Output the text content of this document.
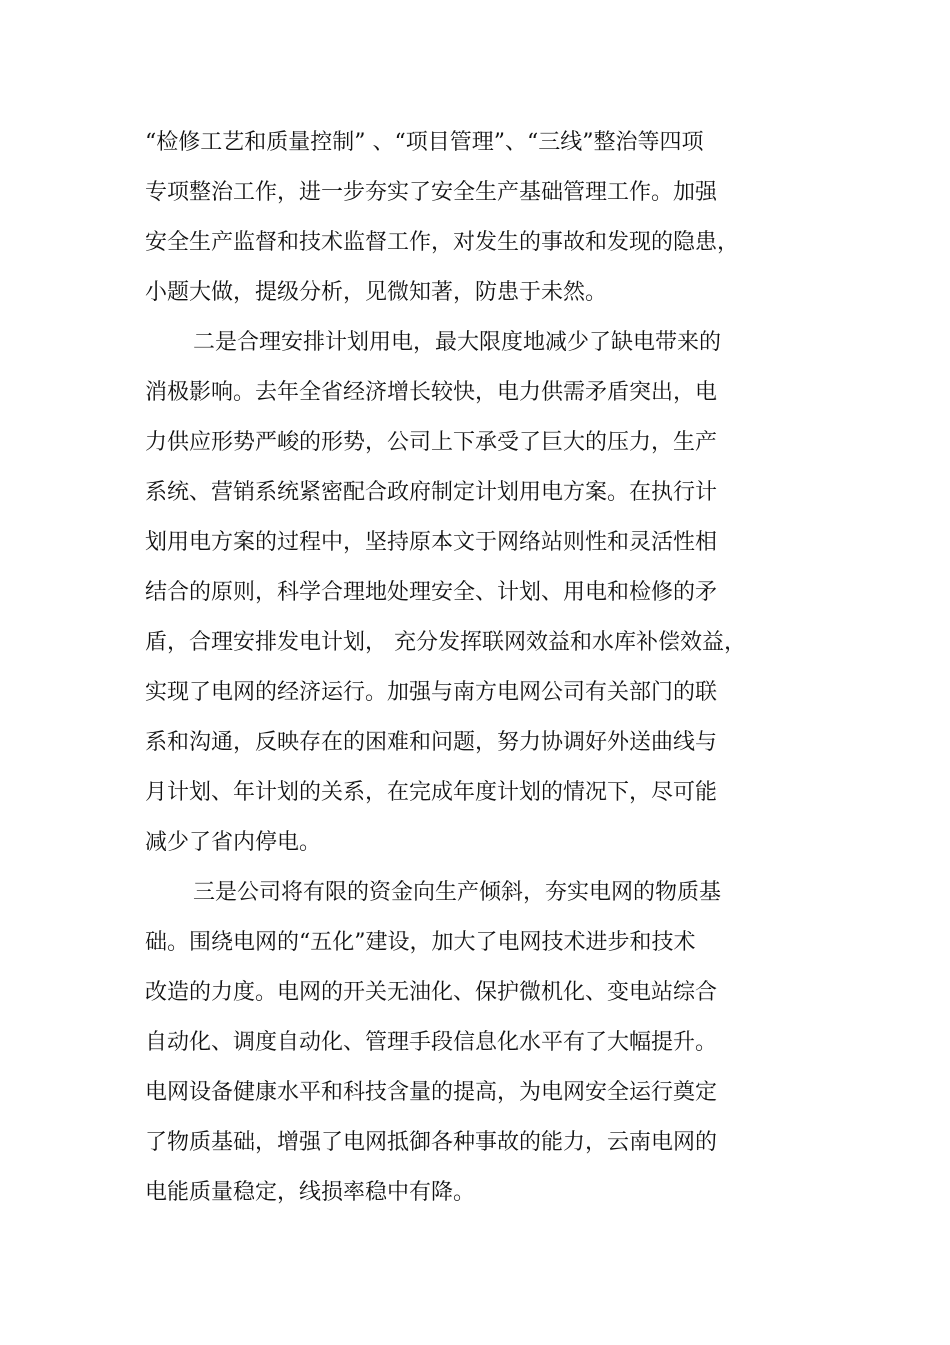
“检修工艺和质量控制” 、“项目管理”、“三线”整治等四项
专项整治工作，进一步夯实了安全生产基础管理工作。加强
安全生产监督和技术监督工作，对发生的事故和发现的隐患，
小题大做，提级分析，见微知著，防患于未然。
二是合理安排计划用电，最大限度地减少了缺电带来的
消极影响。去年全省经济增长较快，电力供需矛盾突出，电
力供应形势严峻的形势，公司上下承受了巨大的压力，生产
系统、营销系统紧密配合政府制定计划用电方案。在执行计
划用电方案的过程中，坚持原本文于网络站则性和灵活性相
结合的原则，科学合理地处理安全、计划、用电和检修的矛
盾，合理安排发电计划， 充分发挥联网效益和水库补偿效益，
实现了电网的经济运行。加强与南方电网公司有关部门的联
系和沟通，反映存在的困难和问题，努力协调好外送曲线与
月计划、年计划的关系，在完成年度计划的情况下，尽可能
减少了省内停电。
三是公司将有限的资金向生产倾斜，夯实电网的物质基
础。围绕电网的“五化”建设，加大了电网技术进步和技术
改造的力度。电网的开关无油化、保护微机化、变电站综合
自动化、调度自动化、管理手段信息化水平有了大幅提升。
电网设备健康水平和科技含量的提高，为电网安全运行奠定
了物质基础，增强了电网抵御各种事故的能力，云南电网的
电能质量稳定，线损率稳中有降。
